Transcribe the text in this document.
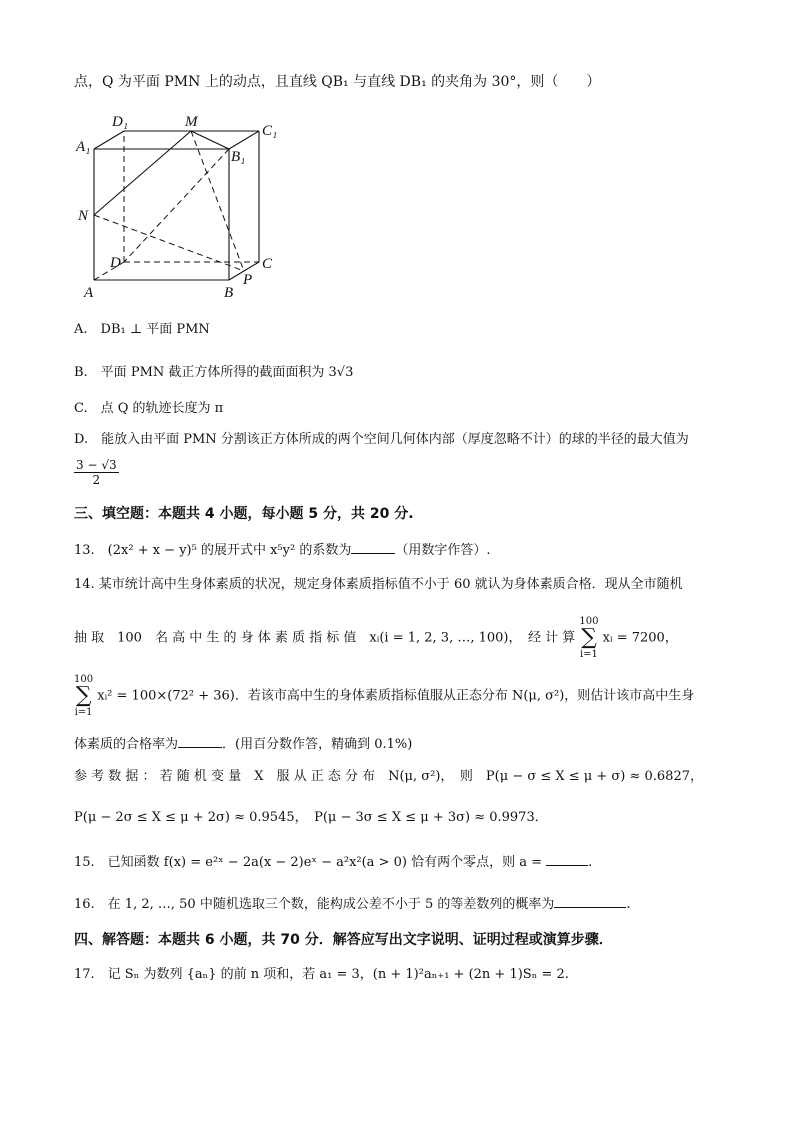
点，Q 为平面 PMN 上的动点，且直线 QB₁ 与直线 DB₁ 的夹角为 30°，则（　　）
D₁	M
C₁
A₁
B₁
N
D	C
A	B
P
A.　DB₁ ⊥ 平面 PMN
B.　平面 PMN 截正方体所得的截面面积为 3√3
C.　点 Q 的轨迹长度为 π
D.　能放入由平面 PMN 分割该正方体所成的两个空间几何体内部（厚度忽略不计）的球的半径的最大值为
$\frac{3 - √3}{2}$
三、填空题：本题共 4 小题，每小题 5 分，共 20 分.
13.　(2x² + x − y)⁵ 的展开式中 x⁵y² 的系数为	（用数字作答）.
14. 某市统计高中生身体素质的状况，规定身体素质指标值不小于 60 就认为身体素质合格．现从全市随机
抽 取　100　名 高 中 生 的 身 体 素 质 指 标 值　xᵢ(i = 1, 2, 3, …, 100)，　经 计 算 100
∑
i=1 xᵢ = 7200，
100
∑
i=1 xᵢ² = 100×(72² + 36)．若该市高中生的身体素质指标值服从正态分布 N(μ, σ²)，则估计该市高中生身
体素质的合格率为	．(用百分数作答，精确到 0.1%)
参 考 数 据 ： 若 随 机 变 量　X　服 从 正 态 分 布　N(μ, σ²)，　则　P(μ − σ ≤ X ≤ μ + σ) ≈ 0.6827，
P(μ − 2σ ≤ X ≤ μ + 2σ) ≈ 0.9545，　P(μ − 3σ ≤ X ≤ μ + 3σ) ≈ 0.9973．
15.　已知函数 f(x) = e²ˣ − 2a(x − 2)eˣ − a²x²(a > 0) 恰有两个零点，则 a =	.
16.　在 1, 2, …, 50 中随机选取三个数，能构成公差不小于 5 的等差数列的概率为	.
四、解答题：本题共 6 小题，共 70 分．解答应写出文字说明、证明过程或演算步骤．
17.　记 Sₙ 为数列 {aₙ} 的前 n 项和，若 a₁ = 3，(n + 1)²aₙ₊₁ + (2n + 1)Sₙ = 2.
